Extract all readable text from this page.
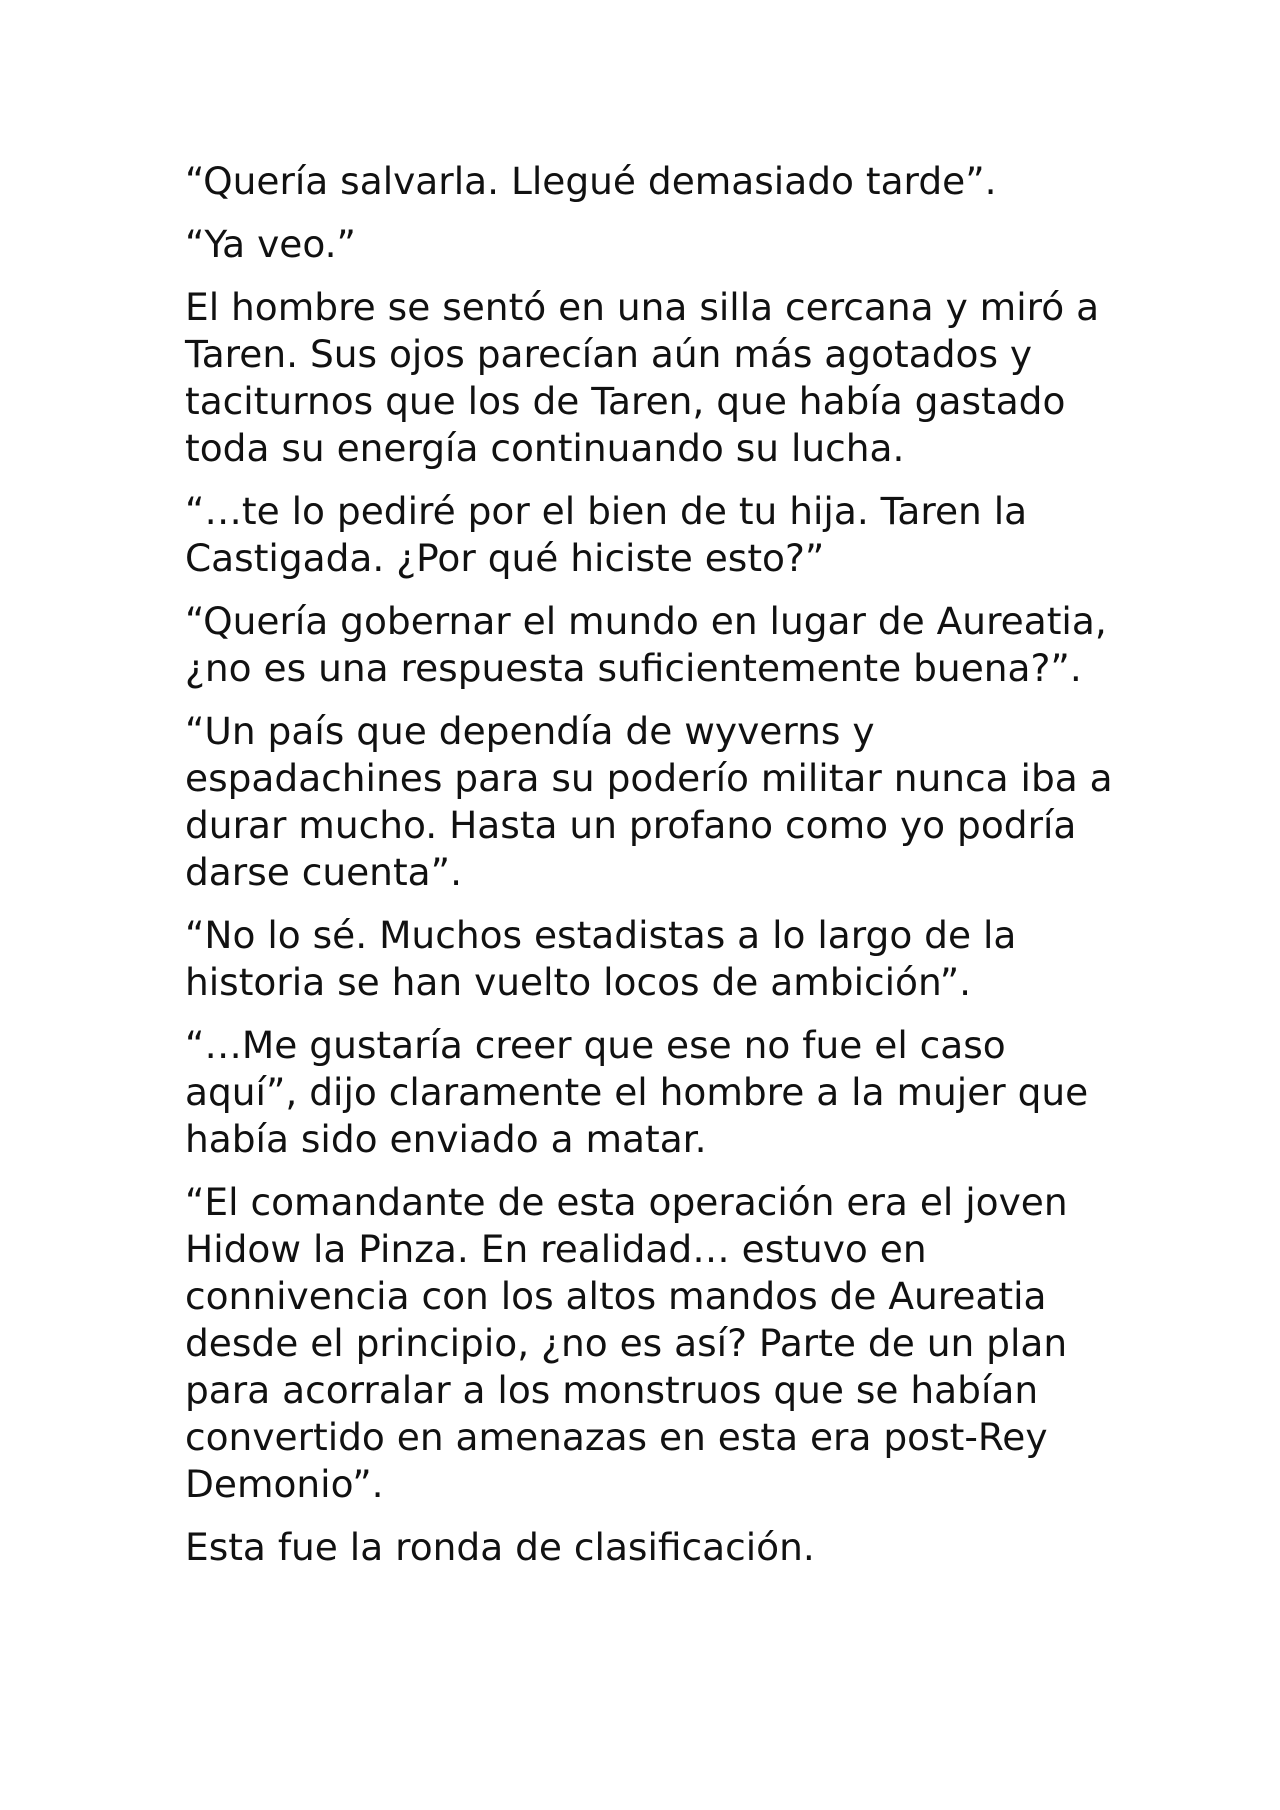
“Quería salvarla. Llegué demasiado tarde”.

“Ya veo.”

El hombre se sentó en una silla cercana y miró a Taren. Sus ojos parecían aún más agotados y taciturnos que los de Taren, que había gastado toda su energía continuando su lucha.

“…te lo pediré por el bien de tu hija. Taren la Castigada. ¿Por qué hiciste esto?”

“Quería gobernar el mundo en lugar de Aureatia, ¿no es una respuesta suficientemente buena?”.

“Un país que dependía de wyverns y espadachines para su poderío militar nunca iba a durar mucho. Hasta un profano como yo podría darse cuenta”.

“No lo sé. Muchos estadistas a lo largo de la historia se han vuelto locos de ambición”.

“…Me gustaría creer que ese no fue el caso aquí”, dijo claramente el hombre a la mujer que había sido enviado a matar.

“El comandante de esta operación era el joven Hidow la Pinza. En realidad… estuvo en connivencia con los altos mandos de Aureatia desde el principio, ¿no es así? Parte de un plan para acorralar a los monstruos que se habían convertido en amenazas en esta era post-Rey Demonio”.

Esta fue la ronda de clasificación.
